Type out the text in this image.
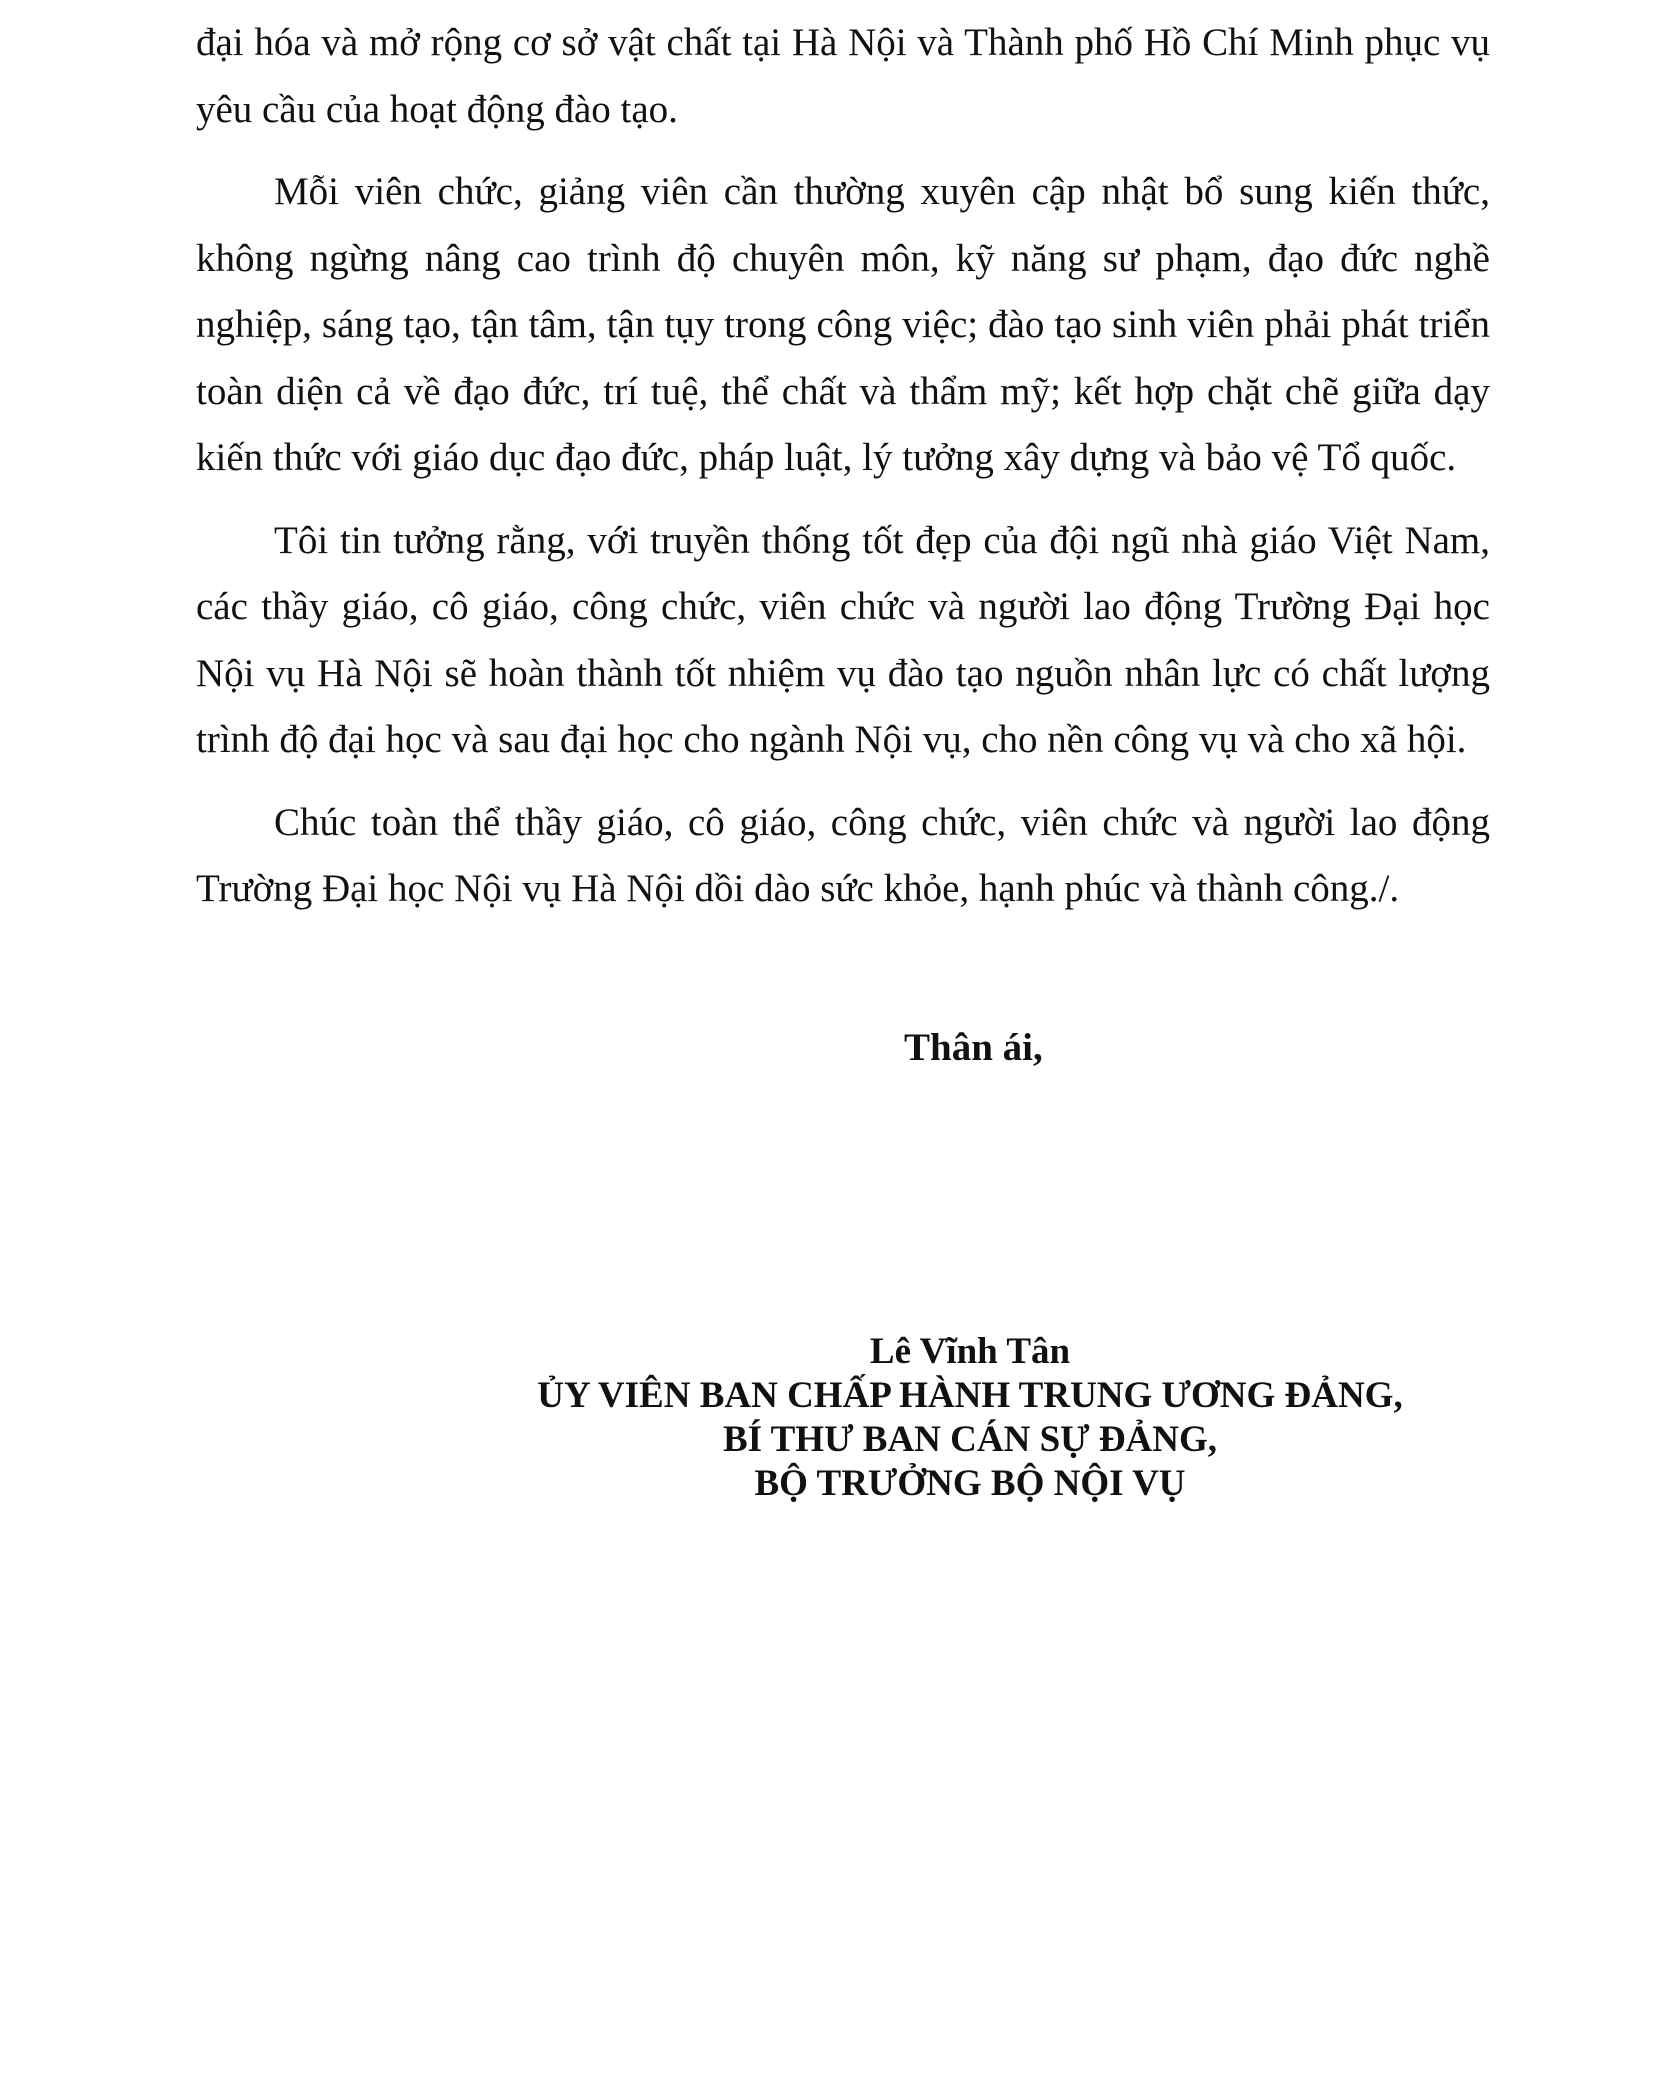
đại hóa và mở rộng cơ sở vật chất tại Hà Nội và Thành phố Hồ Chí Minh phục vụ yêu cầu của hoạt động đào tạo.

Mỗi viên chức, giảng viên cần thường xuyên cập nhật bổ sung kiến thức, không ngừng nâng cao trình độ chuyên môn, kỹ năng sư phạm, đạo đức nghề nghiệp, sáng tạo, tận tâm, tận tụy trong công việc; đào tạo sinh viên phải phát triển toàn diện cả về đạo đức, trí tuệ, thể chất và thẩm mỹ; kết hợp chặt chẽ giữa dạy kiến thức với giáo dục đạo đức, pháp luật, lý tưởng xây dựng và bảo vệ Tổ quốc.

Tôi tin tưởng rằng, với truyền thống tốt đẹp của đội ngũ nhà giáo Việt Nam, các thầy giáo, cô giáo, công chức, viên chức và người lao động Trường Đại học Nội vụ Hà Nội sẽ hoàn thành tốt nhiệm vụ đào tạo nguồn nhân lực có chất lượng trình độ đại học và sau đại học cho ngành Nội vụ, cho nền công vụ và cho xã hội.

Chúc toàn thể thầy giáo, cô giáo, công chức, viên chức và người lao động Trường Đại học Nội vụ Hà Nội dồi dào sức khỏe, hạnh phúc và thành công./.

Thân ái,
Lê Vĩnh Tân
ỦY VIÊN BAN CHẤP HÀNH TRUNG ƯƠNG ĐẢNG,
BÍ THƯ BAN CÁN SỰ ĐẢNG,
BỘ TRƯỞNG BỘ NỘI VỤ
